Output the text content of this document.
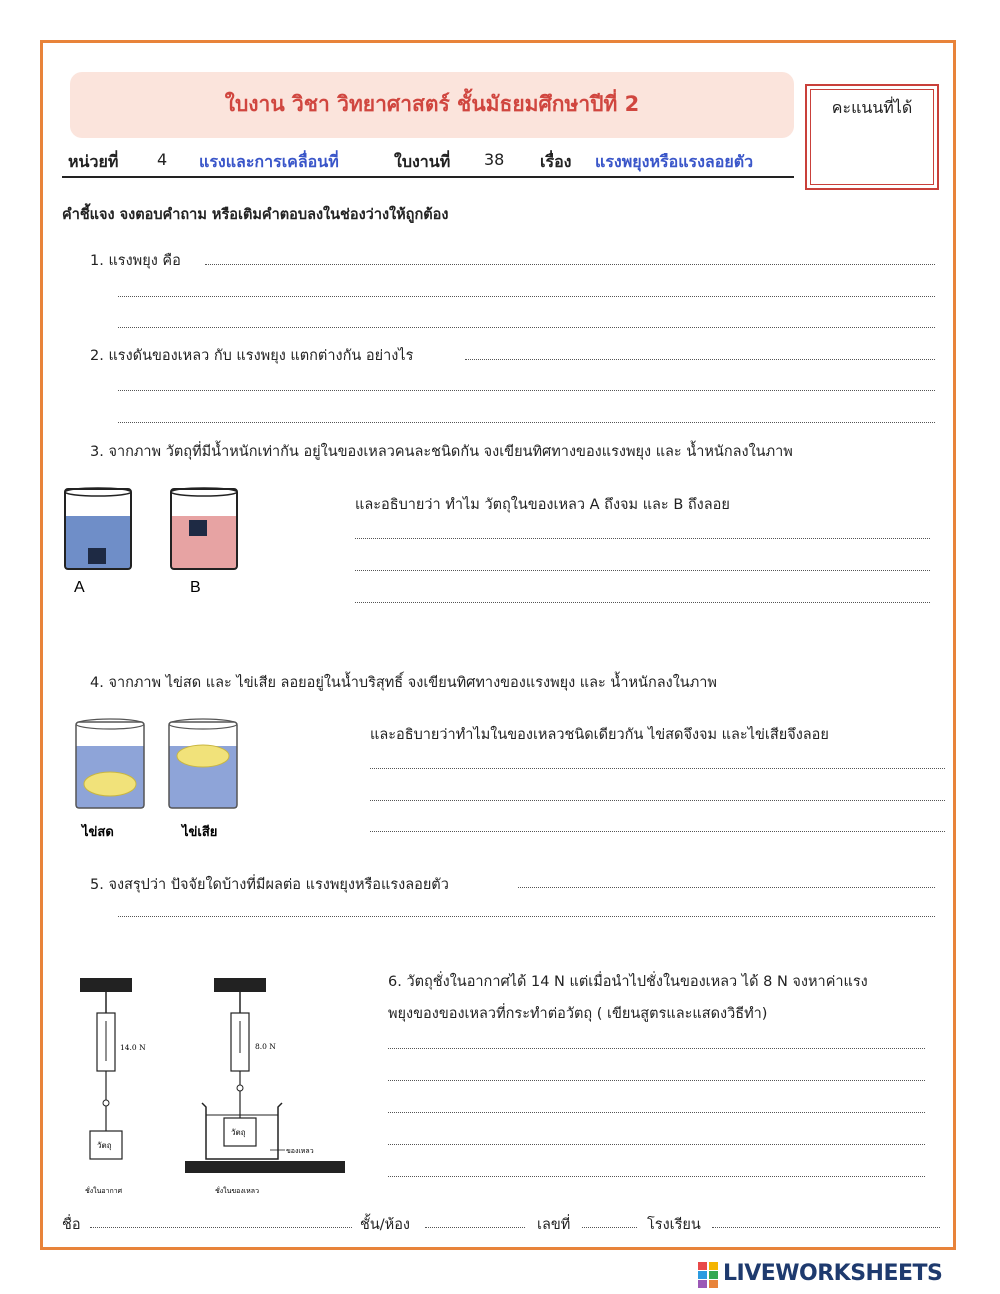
ใบงาน วิชา วิทยาศาสตร์ ชั้นมัธยมศึกษาปีที่ 2	คะแนนที่ได้
หน่วยที่ 4 แรงและการเคลื่อนที่	ใบงานที่ 38 เรื่อง แรงพยุงหรือแรงลอยตัว
คำชี้แจง จงตอบคำถาม หรือเติมคำตอบลงในช่องว่างให้ถูกต้อง
1. แรงพยุง คือ
2. แรงดันของเหลว กับ แรงพยุง แตกต่างกัน อย่างไร
3. จากภาพ วัตถุที่มีน้ำหนักเท่ากัน อยู่ในของเหลวคนละชนิดกัน จงเขียนทิศทางของแรงพยุง และ น้ำหนักลงในภาพ
A	B
และอธิบายว่า ทำไม วัตถุในของเหลว A ถึงจม และ B ถึงลอย
4. จากภาพ ไข่สด และ ไข่เสีย ลอยอยู่ในน้ำบริสุทธิ์ จงเขียนทิศทางของแรงพยุง และ น้ำหนักลงในภาพ
ไข่สด	ไข่เสีย
และอธิบายว่าทำไมในของเหลวชนิดเดียวกัน ไข่สดจึงจม และไข่เสียจึงลอย
5. จงสรุปว่า ปัจจัยใดบ้างที่มีผลต่อ แรงพยุงหรือแรงลอยตัว
14.0 N
วัตถุ
ชั่งในอากาศ
8.0 N
วัตถุ
ของเหลว
ชั่งในของเหลว
6. วัตถุชั่งในอากาศได้ 14 N แต่เมื่อนำไปชั่งในของเหลว ได้ 8 N จงหาค่าแรง
พยุงของของเหลวที่กระทำต่อวัตถุ ( เขียนสูตรและแสดงวิธีทำ)
ชื่อ	ชั้น/ห้อง	เลขที่	โรงเรียน
LIVEWORKSHEETS
